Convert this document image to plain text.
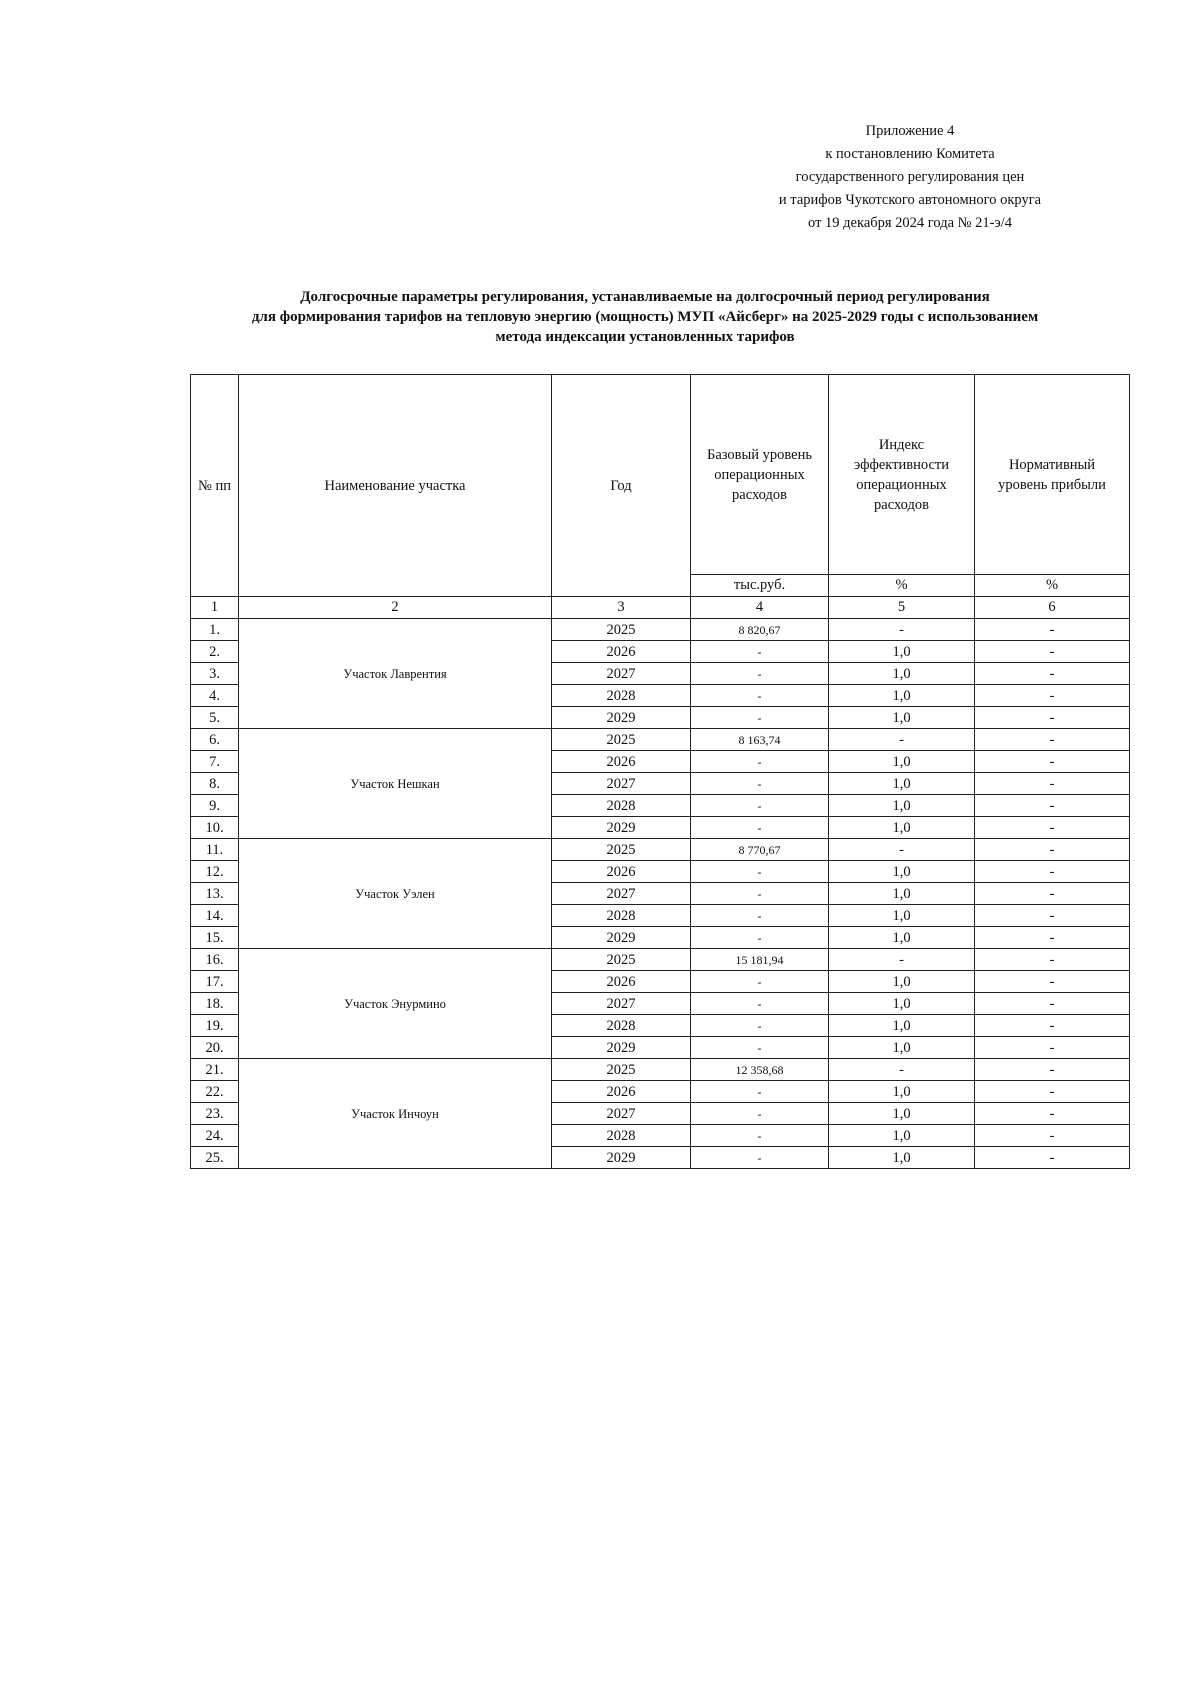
Приложение 4
к постановлению Комитета
государственного регулирования цен
и тарифов Чукотского автономного округа
от 19 декабря 2024 года № 21-э/4
Долгосрочные параметры регулирования, устанавливаемые на долгосрочный период регулирования
для формирования тарифов на тепловую энергию (мощность) МУП «Айсберг» на 2025-2029 годы с использованием
метода индексации установленных тарифов
№ пп	Наименование участка	Год	Базовый уровень операционных расходов	Индекс эффективности операционных расходов	Нормативный уровень прибыли

			тыс.руб.	%	%
1	2	3	4	5	6
1.	Участок Лаврентия	2025	8 820,67	-	-
2.		2026	-	1,0	-
3.		2027	-	1,0	-
4.		2028	-	1,0	-
5.		2029	-	1,0	-
6.	Участок Нешкан	2025	8 163,74	-	-
7.		2026	-	1,0	-
8.		2027	-	1,0	-
9.		2028	-	1,0	-
10.		2029	-	1,0	-
11.	Участок Уэлен	2025	8 770,67	-	-
12.		2026	-	1,0	-
13.		2027	-	1,0	-
14.		2028	-	1,0	-
15.		2029	-	1,0	-
16.	Участок Энурмино	2025	15 181,94	-	-
17.		2026	-	1,0	-
18.		2027	-	1,0	-
19.		2028	-	1,0	-
20.		2029	-	1,0	-
21.	Участок Инчоун	2025	12 358,68	-	-
22.		2026	-	1,0	-
23.		2027	-	1,0	-
24.		2028	-	1,0	-
25.		2029	-	1,0	-
